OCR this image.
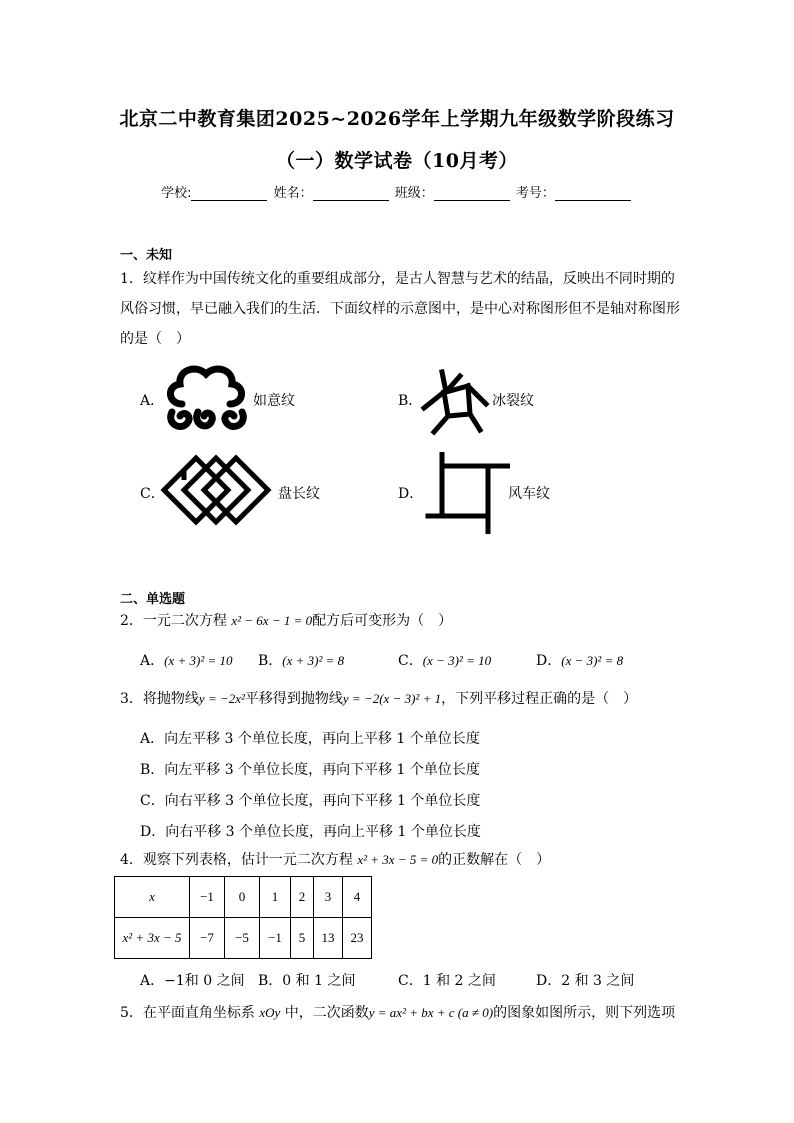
北京二中教育集团2025~2026学年上学期九年级数学阶段练习
（一）数学试卷（10月考）
学校:	姓名：	班级：	考号：
一、未知
1．纹样作为中国传统文化的重要组成部分，是古人智慧与艺术的结晶，反映出不同时期的
风俗习惯，早已融入我们的生活．下面纹样的示意图中，是中心对称图形但不是轴对称图形
的是（　）
A．	如意纹	B．	冰裂纹
C．	盘长纹	D．	风车纹
二、单选题
2．一元二次方程 x² − 6x − 1 = 0配方后可变形为（　）
A．(x + 3)² = 10 B．(x + 3)² = 8	C．(x − 3)² = 10	D．(x − 3)² = 8
3．将抛物线y = −2x²平移得到抛物线y = −2(x − 3)² + 1，下列平移过程正确的是（　）
A．向左平移 3 个单位长度，再向上平移 1 个单位长度
B．向左平移 3 个单位长度，再向下平移 1 个单位长度
C．向右平移 3 个单位长度，再向下平移 1 个单位长度
D．向右平移 3 个单位长度，再向上平移 1 个单位长度
4．观察下列表格，估计一元二次方程 x² + 3x − 5 = 0的正数解在（　）
x	−1	0	1	2	3	4
x² + 3x − 5	−7	−5	−1	5	13	23
A．−1和 0 之间 B．0 和 1 之间	C．1 和 2 之间	D．2 和 3 之间
5．在平面直角坐标系 xOy 中，二次函数y = ax² + bx + c (a ≠ 0)的图象如图所示，则下列选项
